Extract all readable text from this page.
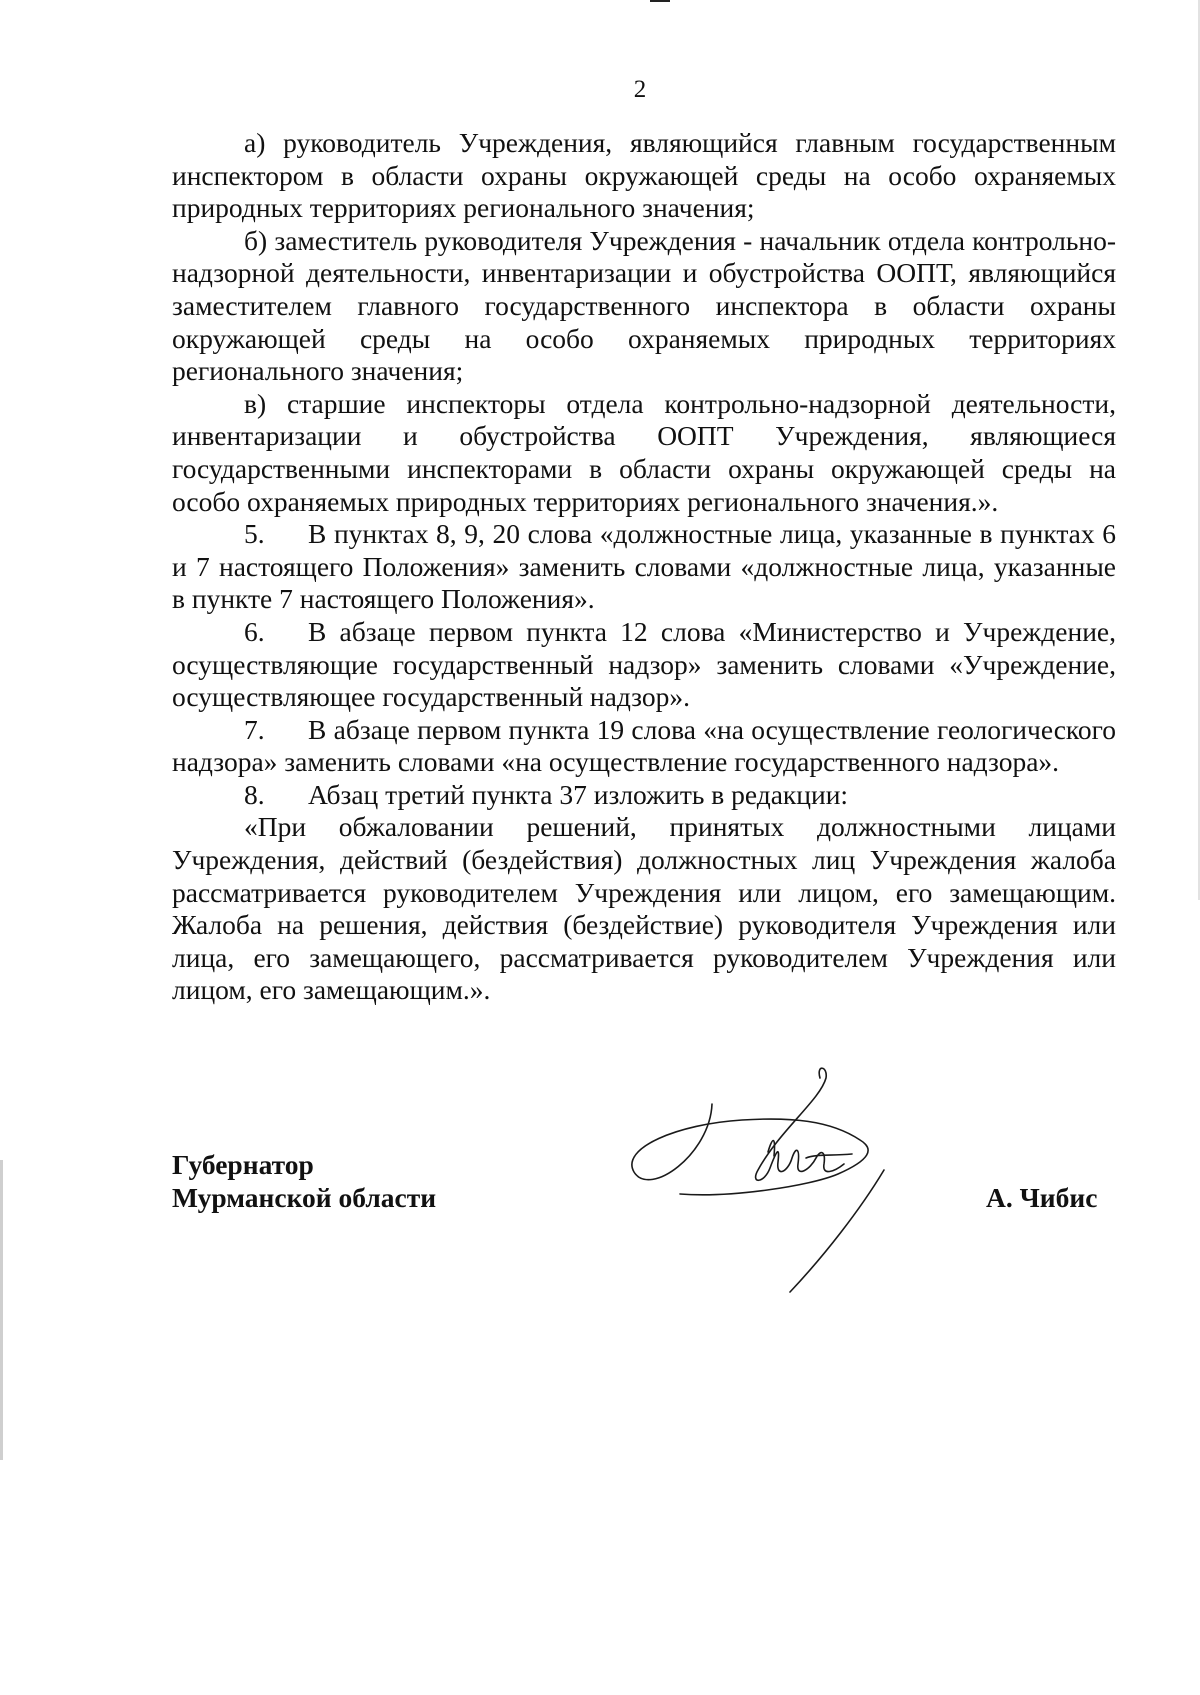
2

а) руководитель Учреждения, являющийся главным государственным инспектором в области охраны окружающей среды на особо охраняемых природных территориях регионального значения;

б) заместитель руководителя Учреждения - начальник отдела контрольно-надзорной деятельности, инвентаризации и обустройства ООПТ, являющийся заместителем главного государственного инспектора в области охраны окружающей среды на особо охраняемых природных территориях регионального значения;

в) старшие инспекторы отдела контрольно-надзорной деятельности, инвентаризации и обустройства ООПТ Учреждения, являющиеся государственными инспекторами в области охраны окружающей среды на особо охраняемых природных территориях регионального значения.».

5. В пунктах 8, 9, 20 слова «должностные лица, указанные в пунктах 6 и 7 настоящего Положения» заменить словами «должностные лица, указанные в пункте 7 настоящего Положения».

6. В абзаце первом пункта 12 слова «Министерство и Учреждение, осуществляющие государственный надзор» заменить словами «Учреждение, осуществляющее государственный надзор».

7. В абзаце первом пункта 19 слова «на осуществление геологического надзора» заменить словами «на осуществление государственного надзора».

8. Абзац третий пункта 37 изложить в редакции:

«При обжаловании решений, принятых должностными лицами Учреждения, действий (бездействия) должностных лиц Учреждения жалоба рассматривается руководителем Учреждения или лицом, его замещающим. Жалоба на решения, действия (бездействие) руководителя Учреждения или лица, его замещающего, рассматривается руководителем Учреждения или лицом, его замещающим.».

Губернатор
Мурманской области	А. Чибис
